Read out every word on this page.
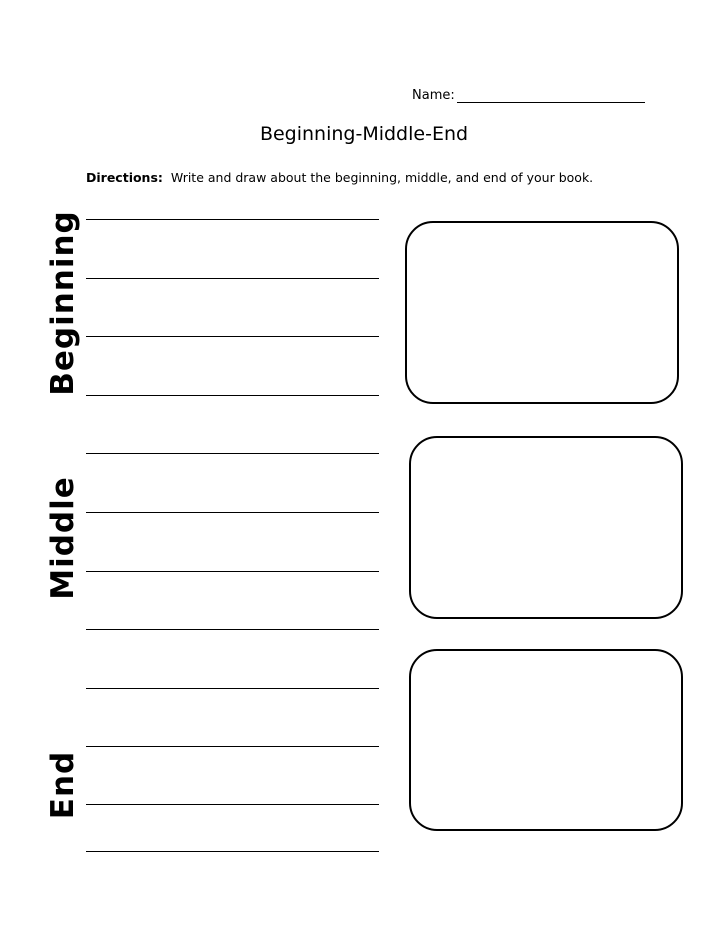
Name:
Beginning-Middle-End
Directions: Write and draw about the beginning, middle, and end of your book.
Beginning
Middle
End
